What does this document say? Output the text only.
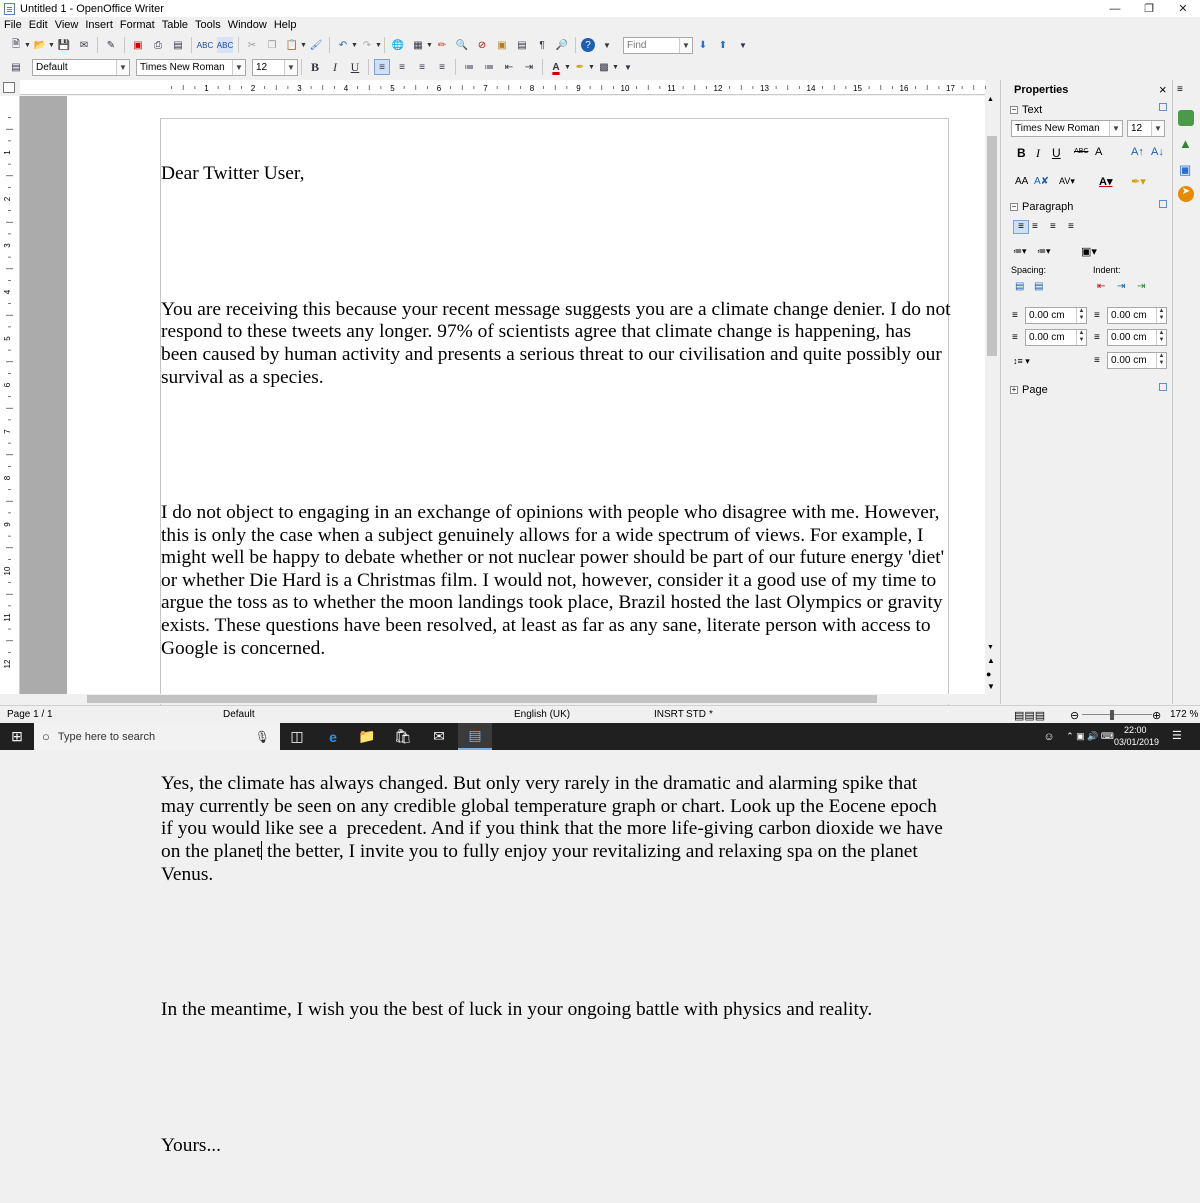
Untitled 1 - OpenOffice Writer	—	❐	✕
File Edit View Insert Format Table Tools Window Help
🗎 ▼ 📂 ▼ 💾 ✉	✎	▣	⎙	▤	ABC ABC	✂	❐ 📋 ▼ 🖌	↶ ▼ ↷ ▼ 🌐 ▦ ▼ ✏ 🔍 ⊘	▣	▤	¶	🔎	?	▼	Find	▼ ⬇	⬆	▼
▤	Default	▼ Times New Roman	▼ 12	▼	B	I	U	≡	≡	≡	≡	≔	≔	⇤	⇥	A ▼ ✒ ▼ ▩ ▼ ▼
1	2	3	4	5	6	7	8	9	10	11	12	13	14	15	16	17
1
2
3
4
5
6
7
8
9
10
11
12

Dear Twitter User,

You are receiving this because your recent message suggests you are a climate change denier. I do not respond to these tweets any longer. 97% of scientists agree that climate change is happening, has been caused by human activity and presents a serious threat to our civilisation and quite possibly our survival as a species.

I do not object to engaging in an exchange of opinions with people who disagree with me. However, this is only the case when a subject genuinely allows for a wide spectrum of views. For example, I might well be happy to debate whether or not nuclear power should be part of our future energy 'diet' or whether Die Hard is a Christmas film. I would not, however, consider it a good use of my time to argue the toss as to whether the moon landings took place, Brazil hosted the last Olympics or gravity exists. These questions have been resolved, at least as far as any sane, literate person with access to Google is concerned.

Yes, the climate has always changed. But only very rarely in the dramatic and alarming spike that may currently be seen on any credible global temperature graph or chart. Look up the Eocene epoch if you would like see a  precedent. And if you think that the more life-giving carbon dioxide we have on the planet the better, I invite you to fully enjoy your revitalizing and relaxing spa on the planet Venus.

In the meantime, I wish you the best of luck in your ongoing battle with physics and reality.

Yours...

▲
▼
▲
●
▼
Properties	×
− Text
Times New Roman	▼ 12	▼
B I U ABC A	A↑ A↓
AA A✘ AV▾ A▾ ✒▾
− Paragraph
≡ ≡ ≡ ≡
≔▾ ≔▾	▣▾
Spacing:	Indent:
▤ ▤	⇤ ⇥ ⇥
≡ 0.00 cm	▲
▼ ≡ 0.00 cm	▲
▼
≡ 0.00 cm	▲
▼ ≡ 0.00 cm	▲
▼
↕≡ ▾	≡ 0.00 cm	▲
▼
+ Page
≡
▲
▣
➤
Page 1 / 1	Default	English (UK)	INSRT STD *	▤▤▤ ⊖	⊕ 172 %
⊞	○ Type here to search	🎙	◫	e	📁	🛍	✉	▤	☺	⌃ ▣ 🔊 ⌨
22:00
03/01/2019 ☰
